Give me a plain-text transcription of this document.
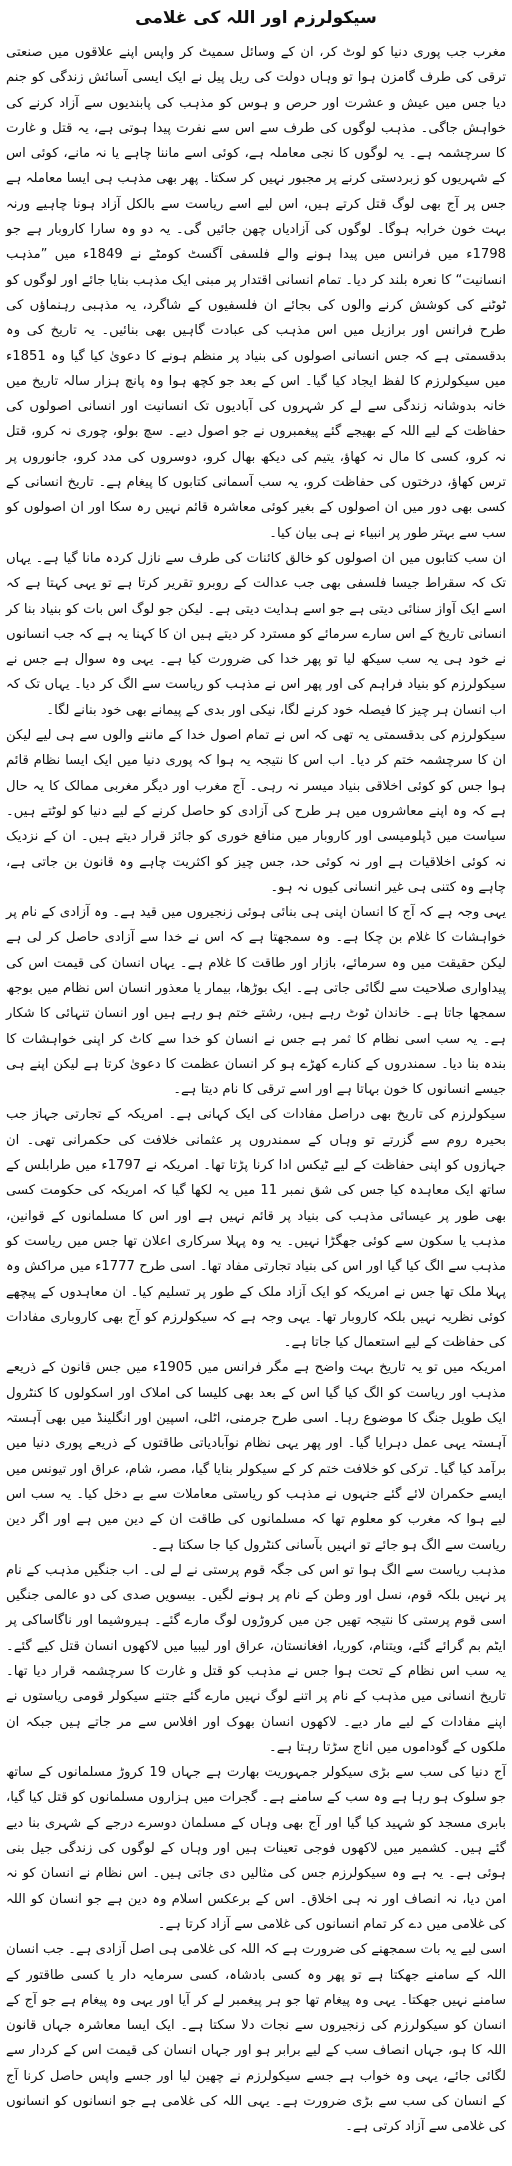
سیکولرزم اور اللہ کی غلامی

مغرب جب پوری دنیا کو لوٹ کر، ان کے وسائل سمیٹ کر واپس اپنے علاقوں میں صنعتی ترقی کی طرف گامزن ہوا تو وہاں دولت کی ریل پیل نے ایک ایسی آسائش زندگی کو جنم دیا جس میں عیش و عشرت اور حرص و ہوس کو مذہب کی پابندیوں سے آزاد کرنے کی خواہش جاگی۔ مذہب لوگوں کی طرف سے اس سے نفرت پیدا ہوتی ہے، یہ قتل و غارت کا سرچشمہ ہے۔ یہ لوگوں کا نجی معاملہ ہے، کوئی اسے ماننا چاہے یا نہ مانے، کوئی اس کے شہریوں کو زبردستی کرنے پر مجبور نہیں کر سکتا۔ پھر بھی مذہب ہی ایسا معاملہ ہے جس پر آج بھی لوگ قتل کرتے ہیں، اس لیے اسے ریاست سے بالکل آزاد ہونا چاہیے ورنہ بہت خون خرابہ ہوگا۔ لوگوں کی آزادیاں چھن جائیں گی۔ یہ دو وہ سارا کاروبار ہے جو 1798ء میں فرانس میں پیدا ہونے والے فلسفی آگسٹ کومٹے نے 1849ء میں ”مذہب انسانیت“ کا نعرہ بلند کر دیا۔ تمام انسانی اقتدار پر مبنی ایک مذہب بنایا جائے اور لوگوں کو ٹوٹنے کی کوشش کرنے والوں کی بجائے ان فلسفیوں کے شاگرد، یہ مذہبی رہنماؤں کی طرح فرانس اور برازیل میں اس مذہب کی عبادت گاہیں بھی بنائیں۔ یہ تاریخ کی وہ بدقسمتی ہے کہ جس انسانی اصولوں کی بنیاد پر منظم ہونے کا دعویٰ کیا گیا وہ 1851ء میں سیکولرزم کا لفظ ایجاد کیا گیا۔ اس کے بعد جو کچھ ہوا وہ پانچ ہزار سالہ تاریخ میں خانہ بدوشانہ زندگی سے لے کر شہروں کی آبادیوں تک انسانیت اور انسانی اصولوں کی حفاظت کے لیے اللہ کے بھیجے گئے پیغمبروں نے جو اصول دیے۔ سچ بولو، چوری نہ کرو، قتل نہ کرو، کسی کا مال نہ کھاؤ، یتیم کی دیکھ بھال کرو، دوسروں کی مدد کرو، جانوروں پر ترس کھاؤ، درختوں کی حفاظت کرو، یہ سب آسمانی کتابوں کا پیغام ہے۔ تاریخ انسانی کے کسی بھی دور میں ان اصولوں کے بغیر کوئی معاشرہ قائم نہیں رہ سکا اور ان اصولوں کو سب سے بہتر طور پر انبیاء نے ہی بیان کیا۔

ان سب کتابوں میں ان اصولوں کو خالق کائنات کی طرف سے نازل کردہ مانا گیا ہے۔ یہاں تک کہ سقراط جیسا فلسفی بھی جب عدالت کے روبرو تقریر کرتا ہے تو یہی کہتا ہے کہ اسے ایک آواز سنائی دیتی ہے جو اسے ہدایت دیتی ہے۔ لیکن جو لوگ اس بات کو بنیاد بنا کر انسانی تاریخ کے اس سارے سرمائے کو مسترد کر دیتے ہیں ان کا کہنا یہ ہے کہ جب انسانوں نے خود ہی یہ سب سیکھ لیا تو پھر خدا کی ضرورت کیا ہے۔ یہی وہ سوال ہے جس نے سیکولرزم کو بنیاد فراہم کی اور پھر اس نے مذہب کو ریاست سے الگ کر دیا۔ یہاں تک کہ اب انسان ہر چیز کا فیصلہ خود کرنے لگا، نیکی اور بدی کے پیمانے بھی خود بنانے لگا۔

سیکولرزم کی بدقسمتی یہ تھی کہ اس نے تمام اصول خدا کے ماننے والوں سے ہی لیے لیکن ان کا سرچشمہ ختم کر دیا۔ اب اس کا نتیجہ یہ ہوا کہ پوری دنیا میں ایک ایسا نظام قائم ہوا جس کو کوئی اخلاقی بنیاد میسر نہ رہی۔ آج مغرب اور دیگر مغربی ممالک کا یہ حال ہے کہ وہ اپنے معاشروں میں ہر طرح کی آزادی کو حاصل کرنے کے لیے دنیا کو لوٹتے ہیں۔ سیاست میں ڈپلومیسی اور کاروبار میں منافع خوری کو جائز قرار دیتے ہیں۔ ان کے نزدیک نہ کوئی اخلاقیات ہے اور نہ کوئی حد، جس چیز کو اکثریت چاہے وہ قانون بن جاتی ہے، چاہے وہ کتنی ہی غیر انسانی کیوں نہ ہو۔

یہی وجہ ہے کہ آج کا انسان اپنی ہی بنائی ہوئی زنجیروں میں قید ہے۔ وہ آزادی کے نام پر خواہشات کا غلام بن چکا ہے۔ وہ سمجھتا ہے کہ اس نے خدا سے آزادی حاصل کر لی ہے لیکن حقیقت میں وہ سرمائے، بازار اور طاقت کا غلام ہے۔ یہاں انسان کی قیمت اس کی پیداواری صلاحیت سے لگائی جاتی ہے۔ ایک بوڑھا، بیمار یا معذور انسان اس نظام میں بوجھ سمجھا جاتا ہے۔ خاندان ٹوٹ رہے ہیں، رشتے ختم ہو رہے ہیں اور انسان تنہائی کا شکار ہے۔ یہ سب اسی نظام کا ثمر ہے جس نے انسان کو خدا سے کاٹ کر اپنی خواہشات کا بندہ بنا دیا۔ سمندروں کے کنارے کھڑے ہو کر انسان عظمت کا دعویٰ کرتا ہے لیکن اپنے ہی جیسے انسانوں کا خون بہاتا ہے اور اسے ترقی کا نام دیتا ہے۔

سیکولرزم کی تاریخ بھی دراصل مفادات کی ایک کہانی ہے۔ امریکہ کے تجارتی جہاز جب بحیرہ روم سے گزرتے تو وہاں کے سمندروں پر عثمانی خلافت کی حکمرانی تھی۔ ان جہازوں کو اپنی حفاظت کے لیے ٹیکس ادا کرنا پڑتا تھا۔ امریکہ نے 1797ء میں طرابلس کے ساتھ ایک معاہدہ کیا جس کی شق نمبر 11 میں یہ لکھا گیا کہ امریکہ کی حکومت کسی بھی طور پر عیسائی مذہب کی بنیاد پر قائم نہیں ہے اور اس کا مسلمانوں کے قوانین، مذہب یا سکون سے کوئی جھگڑا نہیں۔ یہ وہ پہلا سرکاری اعلان تھا جس میں ریاست کو مذہب سے الگ کیا گیا اور اس کی بنیاد تجارتی مفاد تھا۔ اسی طرح 1777ء میں مراکش وہ پہلا ملک تھا جس نے امریکہ کو ایک آزاد ملک کے طور پر تسلیم کیا۔ ان معاہدوں کے پیچھے کوئی نظریہ نہیں بلکہ کاروبار تھا۔ یہی وجہ ہے کہ سیکولرزم کو آج بھی کاروباری مفادات کی حفاظت کے لیے استعمال کیا جاتا ہے۔

امریکہ میں تو یہ تاریخ بہت واضح ہے مگر فرانس میں 1905ء میں جس قانون کے ذریعے مذہب اور ریاست کو الگ کیا گیا اس کے بعد بھی کلیسا کی املاک اور اسکولوں کا کنٹرول ایک طویل جنگ کا موضوع رہا۔ اسی طرح جرمنی، اٹلی، اسپین اور انگلینڈ میں بھی آہستہ آہستہ یہی عمل دہرایا گیا۔ اور پھر یہی نظام نوآبادیاتی طاقتوں کے ذریعے پوری دنیا میں برآمد کیا گیا۔ ترکی کو خلافت ختم کر کے سیکولر بنایا گیا، مصر، شام، عراق اور تیونس میں ایسے حکمران لائے گئے جنہوں نے مذہب کو ریاستی معاملات سے بے دخل کیا۔ یہ سب اس لیے ہوا کہ مغرب کو معلوم تھا کہ مسلمانوں کی طاقت ان کے دین میں ہے اور اگر دین ریاست سے الگ ہو جائے تو انہیں بآسانی کنٹرول کیا جا سکتا ہے۔

مذہب ریاست سے الگ ہوا تو اس کی جگہ قوم پرستی نے لے لی۔ اب جنگیں مذہب کے نام پر نہیں بلکہ قوم، نسل اور وطن کے نام پر ہونے لگیں۔ بیسویں صدی کی دو عالمی جنگیں اسی قوم پرستی کا نتیجہ تھیں جن میں کروڑوں لوگ مارے گئے۔ ہیروشیما اور ناگاساکی پر ایٹم بم گرائے گئے، ویتنام، کوریا، افغانستان، عراق اور لیبیا میں لاکھوں انسان قتل کیے گئے۔ یہ سب اس نظام کے تحت ہوا جس نے مذہب کو قتل و غارت کا سرچشمہ قرار دیا تھا۔ تاریخ انسانی میں مذہب کے نام پر اتنے لوگ نہیں مارے گئے جتنے سیکولر قومی ریاستوں نے اپنے مفادات کے لیے مار دیے۔ لاکھوں انسان بھوک اور افلاس سے مر جاتے ہیں جبکہ ان ملکوں کے گوداموں میں اناج سڑتا رہتا ہے۔

آج دنیا کی سب سے بڑی سیکولر جمہوریت بھارت ہے جہاں 19 کروڑ مسلمانوں کے ساتھ جو سلوک ہو رہا ہے وہ سب کے سامنے ہے۔ گجرات میں ہزاروں مسلمانوں کو قتل کیا گیا، بابری مسجد کو شہید کیا گیا اور آج بھی وہاں کے مسلمان دوسرے درجے کے شہری بنا دیے گئے ہیں۔ کشمیر میں لاکھوں فوجی تعینات ہیں اور وہاں کے لوگوں کی زندگی جیل بنی ہوئی ہے۔ یہ ہے وہ سیکولرزم جس کی مثالیں دی جاتی ہیں۔ اس نظام نے انسان کو نہ امن دیا، نہ انصاف اور نہ ہی اخلاق۔ اس کے برعکس اسلام وہ دین ہے جو انسان کو اللہ کی غلامی میں دے کر تمام انسانوں کی غلامی سے آزاد کرتا ہے۔

اسی لیے یہ بات سمجھنے کی ضرورت ہے کہ اللہ کی غلامی ہی اصل آزادی ہے۔ جب انسان اللہ کے سامنے جھکتا ہے تو پھر وہ کسی بادشاہ، کسی سرمایہ دار یا کسی طاقتور کے سامنے نہیں جھکتا۔ یہی وہ پیغام تھا جو ہر پیغمبر لے کر آیا اور یہی وہ پیغام ہے جو آج کے انسان کو سیکولرزم کی زنجیروں سے نجات دلا سکتا ہے۔ ایک ایسا معاشرہ جہاں قانون اللہ کا ہو، جہاں انصاف سب کے لیے برابر ہو اور جہاں انسان کی قیمت اس کے کردار سے لگائی جائے، یہی وہ خواب ہے جسے سیکولرزم نے چھین لیا اور جسے واپس حاصل کرنا آج کے انسان کی سب سے بڑی ضرورت ہے۔ یہی اللہ کی غلامی ہے جو انسانوں کو انسانوں کی غلامی سے آزاد کرتی ہے۔
